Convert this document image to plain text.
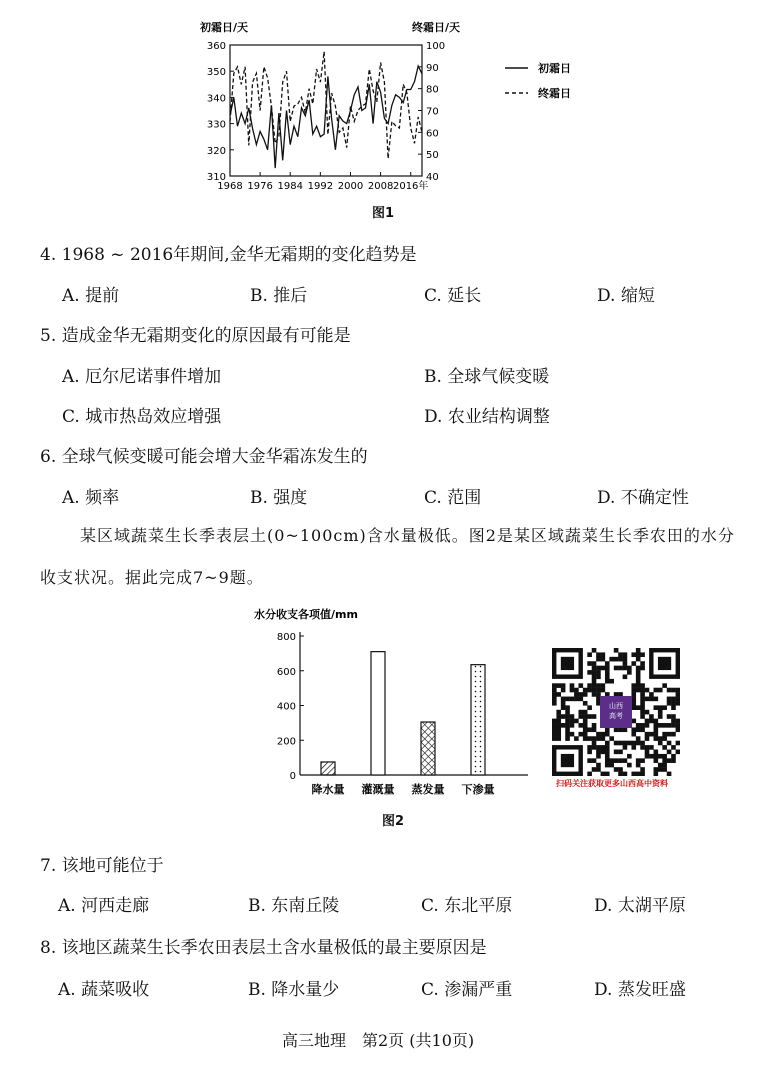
初霜日/天	终霜日/天
310
320
330
340
350
360
40
50
60
70
80
90
100
1968 1976 1984 1992 2000 2008 2016年
初霜日
终霜日
图1
4. 1968 ~ 2016年期间,金华无霜期的变化趋势是
A. 提前	B. 推后	C. 延长	D. 缩短
5. 造成金华无霜期变化的原因最有可能是
A. 厄尔尼诺事件增加	B. 全球气候变暖
C. 城市热岛效应增强	D. 农业结构调整
6. 全球气候变暖可能会增大金华霜冻发生的
A. 频率	B. 强度	C. 范围	D. 不确定性
某区域蔬菜生长季表层土(0~100cm)含水量极低。图2是某区域蔬菜生长季农田的水分
收支状况。据此完成7~9题。
水分收支各项值/mm
0
200
400
600
800
降水量 灌溉量 蒸发量 下渗量
图2
山西
高考
扫码关注获取更多山西高中资料
7. 该地可能位于
A. 河西走廊	B. 东南丘陵	C. 东北平原	D. 太湖平原
8. 该地区蔬菜生长季农田表层土含水量极低的最主要原因是
A. 蔬菜吸收	B. 降水量少	C. 渗漏严重	D. 蒸发旺盛
高三地理　第2页 (共10页)
